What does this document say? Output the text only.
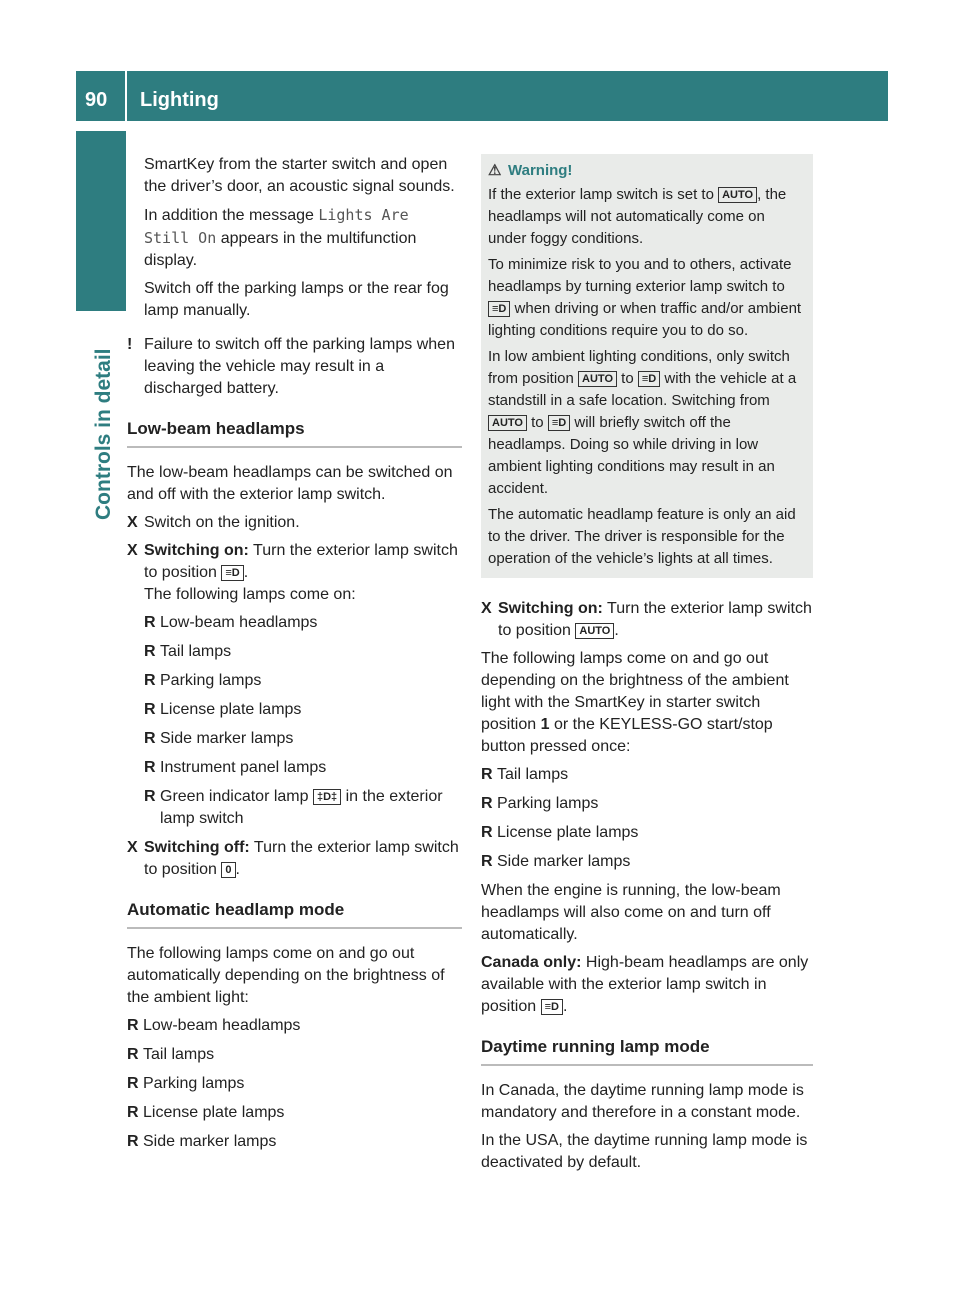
90 Lighting
Controls in detail

SmartKey from the starter switch and open the driver’s door, an acoustic signal sounds.

In addition the message Lights Are Still On appears in the multifunction display.

Switch off the parking lamps or the rear fog lamp manually.

! Failure to switch off the parking lamps when leaving the vehicle may result in a discharged battery.

Low-beam headlamps

The low-beam headlamps can be switched on and off with the exterior lamp switch.

X Switch on the ignition.
X Switching on: Turn the exterior lamp switch to position ≡D .
The following lamps come on:
R Low-beam headlamps
R Tail lamps
R Parking lamps
R License plate lamps
R Side marker lamps
R Instrument panel lamps
R Green indicator lamp ‡D‡ in the exterior lamp switch
X Switching off: Turn the exterior lamp switch to position 0 .
Automatic headlamp mode

The following lamps come on and go out automatically depending on the brightness of the ambient light:

R Low-beam headlamps
R Tail lamps
R Parking lamps
R License plate lamps
R Side marker lamps
⚠ Warning!

If the exterior lamp switch is set to AUTO , the headlamps will not automatically come on under foggy conditions.

To minimize risk to you and to others, activate headlamps by turning exterior lamp switch to ≡D when driving or when traffic and/or ambient lighting conditions require you to do so.

In low ambient lighting conditions, only switch from position AUTO to ≡D with the vehicle at a standstill in a safe location. Switching from AUTO to ≡D will briefly switch off the headlamps. Doing so while driving in low ambient lighting conditions may result in an accident.

The automatic headlamp feature is only an aid to the driver. The driver is responsible for the operation of the vehicle’s lights at all times.

X Switching on: Turn the exterior lamp switch to position AUTO .

The following lamps come on and go out depending on the brightness of the ambient light with the SmartKey in starter switch position 1 or the KEYLESS-GO start/stop button pressed once:

R Tail lamps
R Parking lamps
R License plate lamps
R Side marker lamps

When the engine is running, the low-beam headlamps will also come on and turn off automatically.

Canada only: High-beam headlamps are only available with the exterior lamp switch in position ≡D .

Daytime running lamp mode

In Canada, the daytime running lamp mode is mandatory and therefore in a constant mode.

In the USA, the daytime running lamp mode is deactivated by default.
